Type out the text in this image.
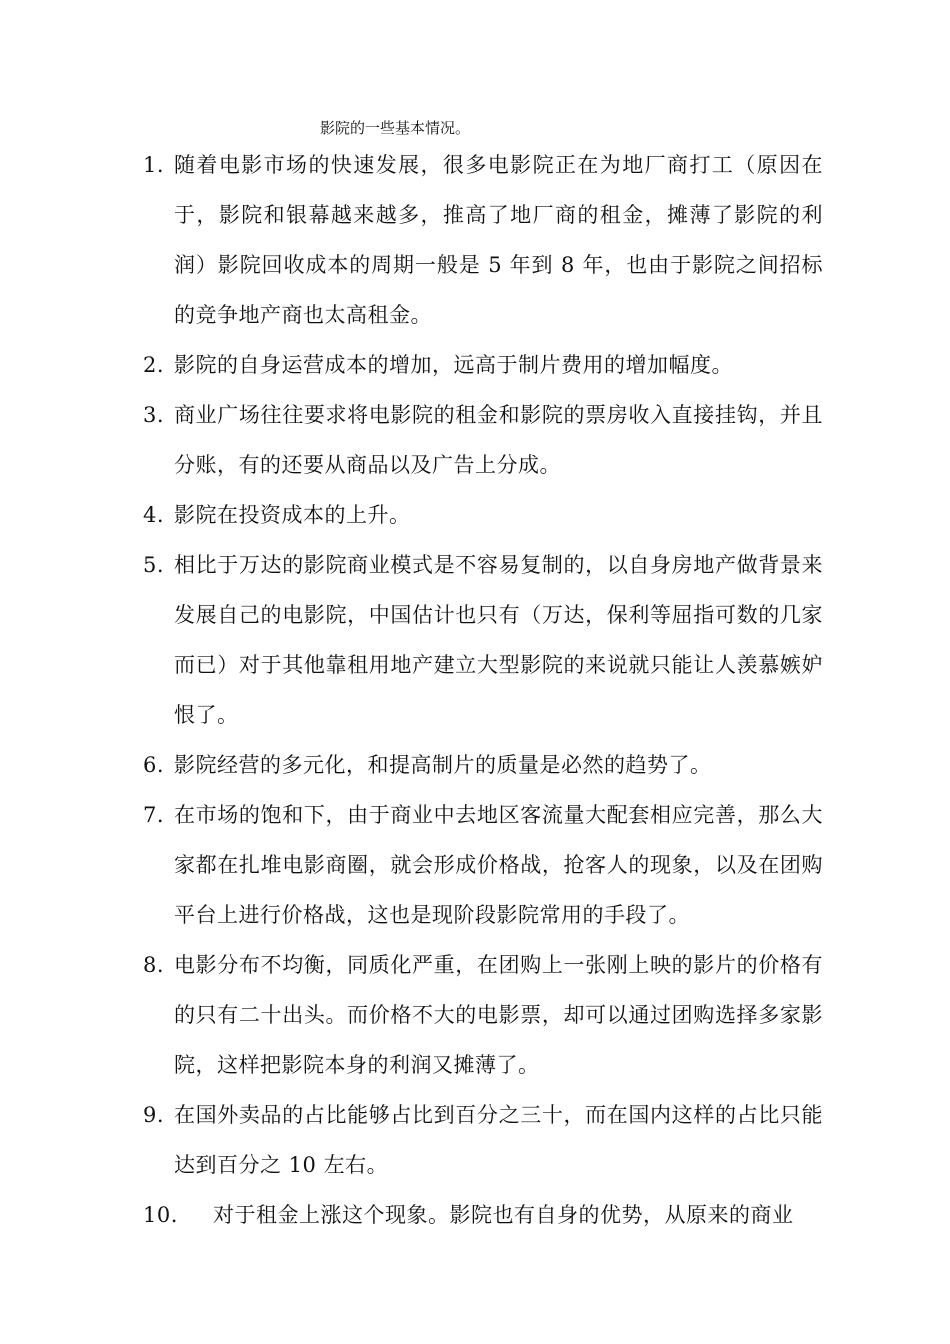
影院的一些基本情况。
1. 随着电影市场的快速发展，很多电影院正在为地厂商打工（原因在于，影院和银幕越来越多，推高了地厂商的租金，摊薄了影院的利润）影院回收成本的周期一般是 5 年到 8 年，也由于影院之间招标的竞争地产商也太高租金。
2. 影院的自身运营成本的增加，远高于制片费用的增加幅度。
3. 商业广场往往要求将电影院的租金和影院的票房收入直接挂钩，并且分账，有的还要从商品以及广告上分成。
4. 影院在投资成本的上升。
5. 相比于万达的影院商业模式是不容易复制的，以自身房地产做背景来发展自己的电影院，中国估计也只有（万达，保利等屈指可数的几家而已）对于其他靠租用地产建立大型影院的来说就只能让人羡慕嫉妒恨了。
6. 影院经营的多元化，和提高制片的质量是必然的趋势了。
7. 在市场的饱和下，由于商业中去地区客流量大配套相应完善，那么大家都在扎堆电影商圈，就会形成价格战，抢客人的现象，以及在团购平台上进行价格战，这也是现阶段影院常用的手段了。
8. 电影分布不均衡，同质化严重，在团购上一张刚上映的影片的价格有的只有二十出头。而价格不大的电影票，却可以通过团购选择多家影院，这样把影院本身的利润又摊薄了。
9. 在国外卖品的占比能够占比到百分之三十，而在国内这样的占比只能达到百分之 10 左右。
10.	对于租金上涨这个现象。影院也有自身的优势，从原来的商业
